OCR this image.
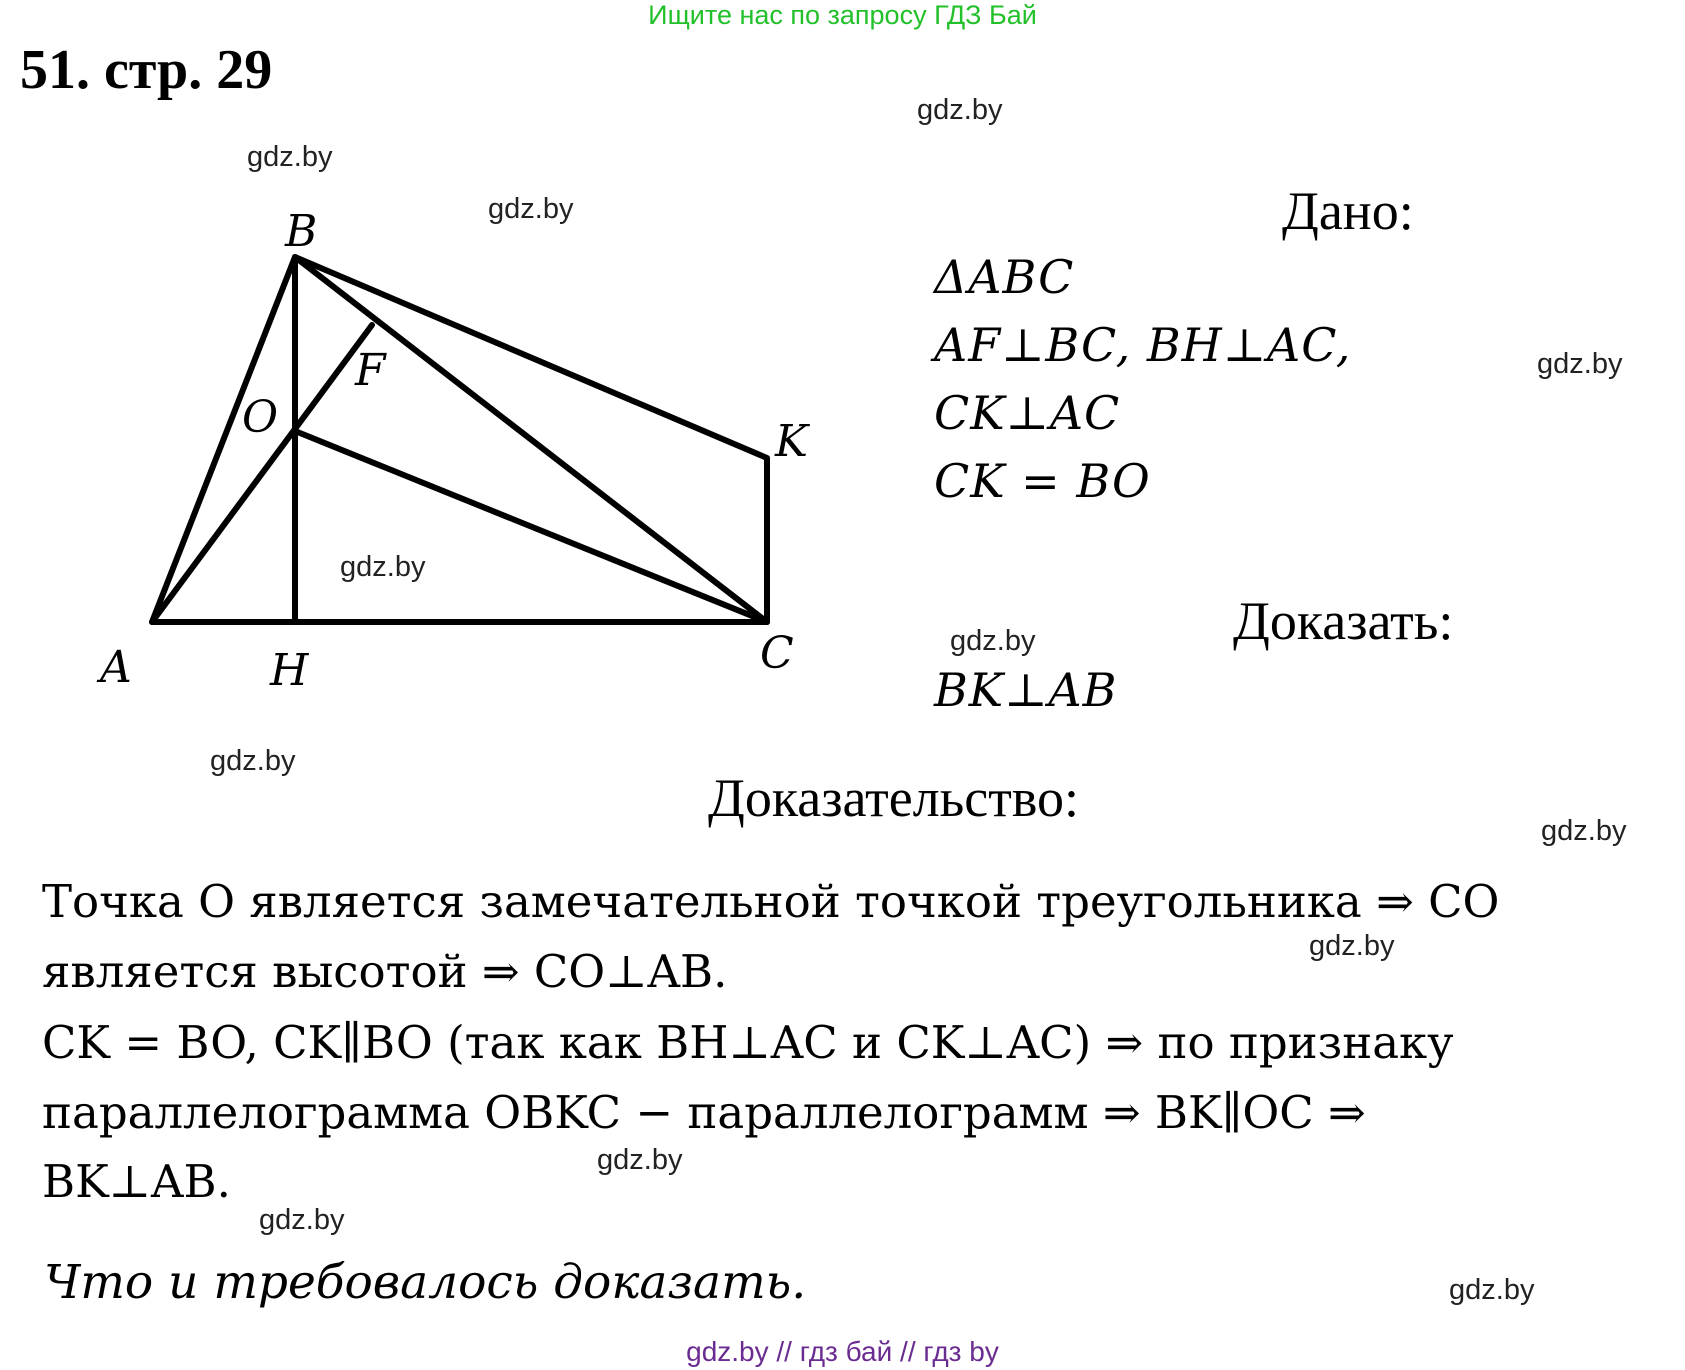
Ищите нас по запросу ГДЗ Бай
51. стр. 29
gdz.by
gdz.by
gdz.by
gdz.by
gdz.by
gdz.by
gdz.by
gdz.by
gdz.by
gdz.by
gdz.by
gdz.by
B
A	H	C
O
F
K
Дано:
ΔABC
AF⊥BC, BH⊥AC,
CK⊥AC
CK = BO
Доказать:
BK⊥AB
Доказательство:
Точка O является замечательной точкой треугольника ⇒ CO
является высотой ⇒ CO⊥AB.
CK = BO, CK∥BO (так как BH⊥AC и CK⊥AC) ⇒ по признаку
параллелограмма OBKC − параллелограмм ⇒ BK∥OC ⇒
BK⊥AB.
Что и требовалось доказать.
gdz.by // гдз бай // гдз by
